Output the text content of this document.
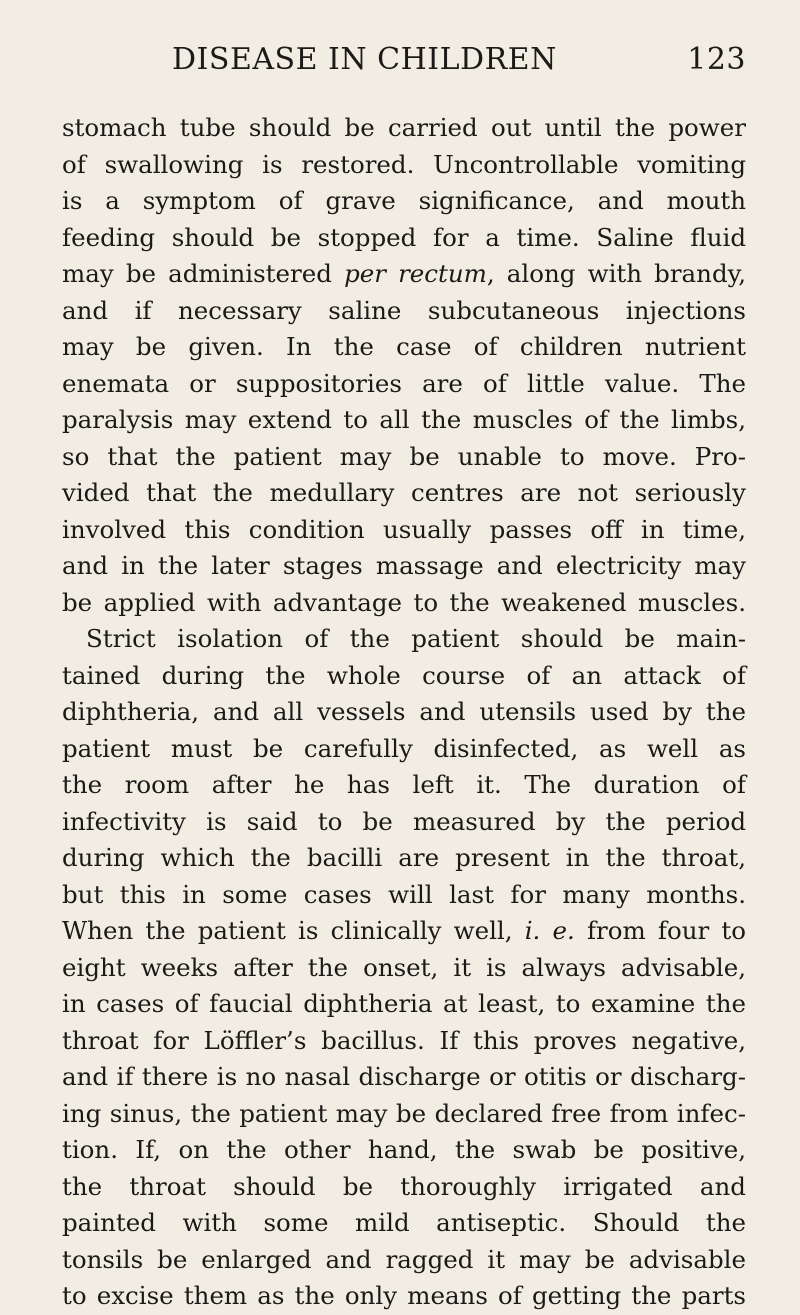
DISEASE IN CHILDREN	123
stomach tube should be carried out until the power
of swallowing is restored. Uncontrollable vomiting
is a symptom of grave significance, and mouth
feeding should be stopped for a time. Saline fluid
may be administered per rectum, along with brandy,
and if necessary saline subcutaneous injections
may be given. In the case of children nutrient
enemata or suppositories are of little value. The
paralysis may extend to all the muscles of the limbs,
so that the patient may be unable to move. Pro-
vided that the medullary centres are not seriously
involved this condition usually passes off in time,
and in the later stages massage and electricity may
be applied with advantage to the weakened muscles.
Strict isolation of the patient should be main-
tained during the whole course of an attack of
diphtheria, and all vessels and utensils used by the
patient must be carefully disinfected, as well as
the room after he has left it. The duration of
infectivity is said to be measured by the period
during which the bacilli are present in the throat,
but this in some cases will last for many months.
When the patient is clinically well, i. e. from four to
eight weeks after the onset, it is always advisable,
in cases of faucial diphtheria at least, to examine the
throat for Löffler’s bacillus. If this proves negative,
and if there is no nasal discharge or otitis or discharg-
ing sinus, the patient may be declared free from infec-
tion. If, on the other hand, the swab be positive,
the throat should be thoroughly irrigated and
painted with some mild antiseptic. Should the
tonsils be enlarged and ragged it may be advisable
to excise them as the only means of getting the parts
